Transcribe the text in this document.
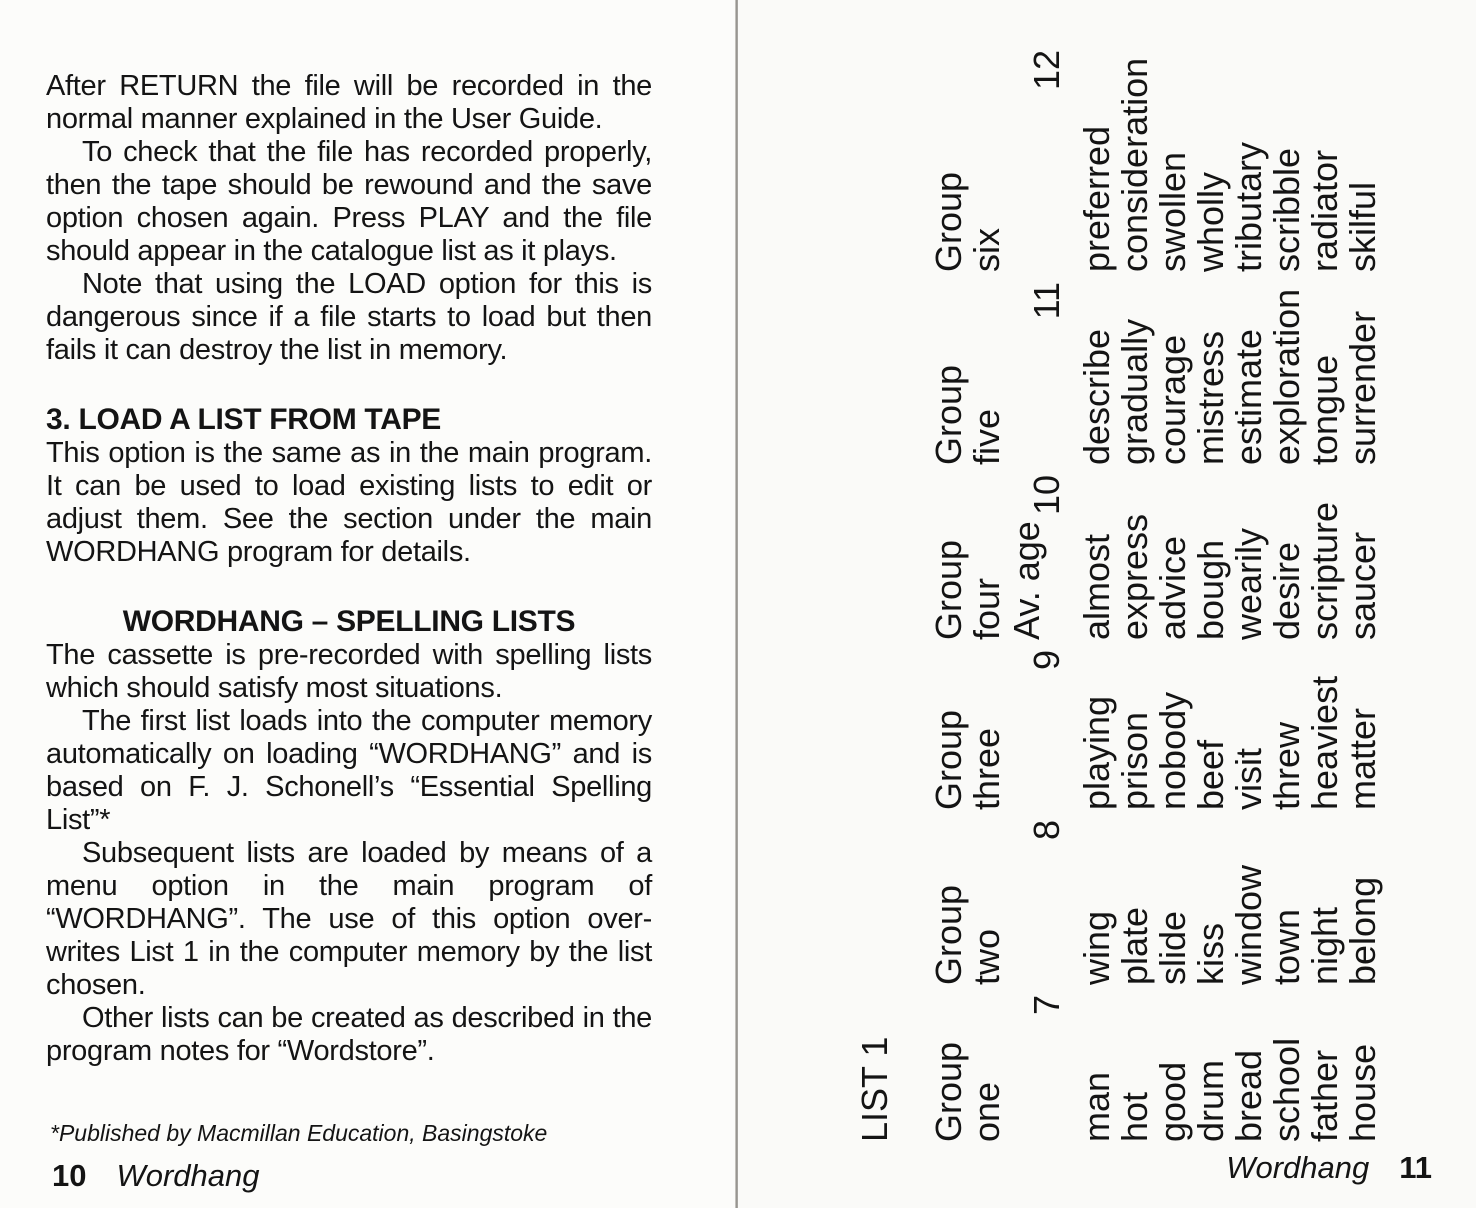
After RETURN the file will be recorded in the normal manner explained in the User Guide.

To check that the file has recorded properly, then the tape should be rewound and the save option chosen again. Press PLAY and the file should appear in the catalogue list as it plays.

Note that using the LOAD option for this is dangerous since if a file starts to load but then fails it can destroy the list in memory.

3. LOAD A LIST FROM TAPE

This option is the same as in the main program. It can be used to load existing lists to edit or adjust them. See the section under the main WORDHANG program for details.

WORDHANG – SPELLING LISTS

The cassette is pre-recorded with spelling lists which should satisfy most situations.

The first list loads into the computer memory automatically on loading “WORDHANG” and is based on F. J. Schonell’s “Essential Spelling List”*

Subsequent lists are loaded by means of a menu option in the main program of “WORDHANG”. The use of this option over-writes List 1 in the computer memory by the list chosen.

Other lists can be created as described in the program notes for “Wordstore”.

*Published by Macmillan Education, Basingstoke
10 Wordhang
LIST 1 Group
one
7
man
hot
good
drum
bread
school
father
house
Group
two
8
wing
plate
slide
kiss
window
town
night
belong
Group
three
9
playing
prison
nobody
beef
visit
threw
heaviest
matter
Group
four Av. age
10
almost
express
advice
bough
wearily
desire
scripture
saucer
Group
five
11
describe
gradually
courage
mistress
estimate
exploration
tongue
surrender
Group
six
12
preferred
consideration
swollen
wholly
tributary
scribble
radiator
skilful
Wordhang 11
